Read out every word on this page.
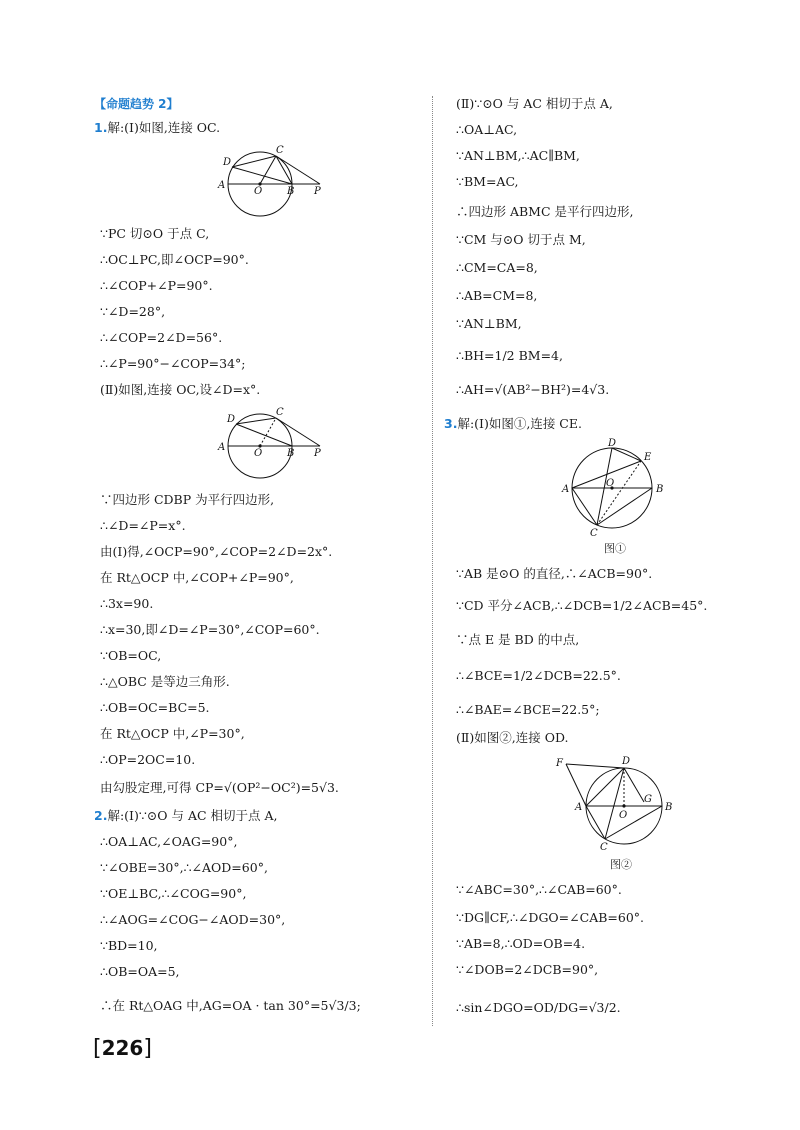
【命题趋势 2】
1.解:(Ⅰ)如图,连接 OC.
D
C
A
O B P
∵PC 切⊙O 于点 C,
∴OC⊥PC,即∠OCP=90°.
∴∠COP+∠P=90°.
∵∠D=28°,
∴∠COP=2∠D=56°.
∴∠P=90°−∠COP=34°;
(Ⅱ)如图,连接 OC,设∠D=x°.
D
C
A
O B P
∵四边形 CDBP 为平行四边形,
∴∠D=∠P=x°.
由(Ⅰ)得,∠OCP=90°,∠COP=2∠D=2x°.
在 Rt△OCP 中,∠COP+∠P=90°,
∴3x=90.
∴x=30,即∠D=∠P=30°,∠COP=60°.
∵OB=OC,
∴△OBC 是等边三角形.
∴OB=OC=BC=5.
在 Rt△OCP 中,∠P=30°,
∴OP=2OC=10.
由勾股定理,可得 CP=√(OP²−OC²)=5√3.
2.解:(Ⅰ)∵⊙O 与 AC 相切于点 A,
∴OA⊥AC,∠OAG=90°,
∵∠OBE=30°,∴∠AOD=60°,
∵OE⊥BC,∴∠COG=90°,
∴∠AOG=∠COG−∠AOD=30°,
∵BD=10,
∴OB=OA=5,
∴在 Rt△OAG 中,AG=OA · tan 30°=5√3/3;
(Ⅱ)∵⊙O 与 AC 相切于点 A,
∴OA⊥AC,
∵AN⊥BM,∴AC∥BM,
∵BM=AC,
∴四边形 ABMC 是平行四边形,
∵CM 与⊙O 切于点 M,
∴CM=CA=8,
∴AB=CM=8,
∵AN⊥BM,
∴BH=1/2 BM=4,
∴AH=√(AB²−BH²)=4√3.
3.解:(Ⅰ)如图①,连接 CE.
D
E
A
O
B
C
图①
∵AB 是⊙O 的直径,∴∠ACB=90°.
∵CD 平分∠ACB,∴∠DCB=1/2∠ACB=45°.
∵点 E 是 BD 的中点,
∴∠BCE=1/2∠DCB=22.5°.
∴∠BAE=∠BCE=22.5°;
(Ⅱ)如图②,连接 OD.
F	D
A
O
G
B
C
图②
∵∠ABC=30°,∴∠CAB=60°.
∵DG∥CF,∴∠DGO=∠CAB=60°.
∵AB=8,∴OD=OB=4.
∵∠DOB=2∠DCB=90°,
∴sin∠DGO=OD/DG=√3/2.
[226]
